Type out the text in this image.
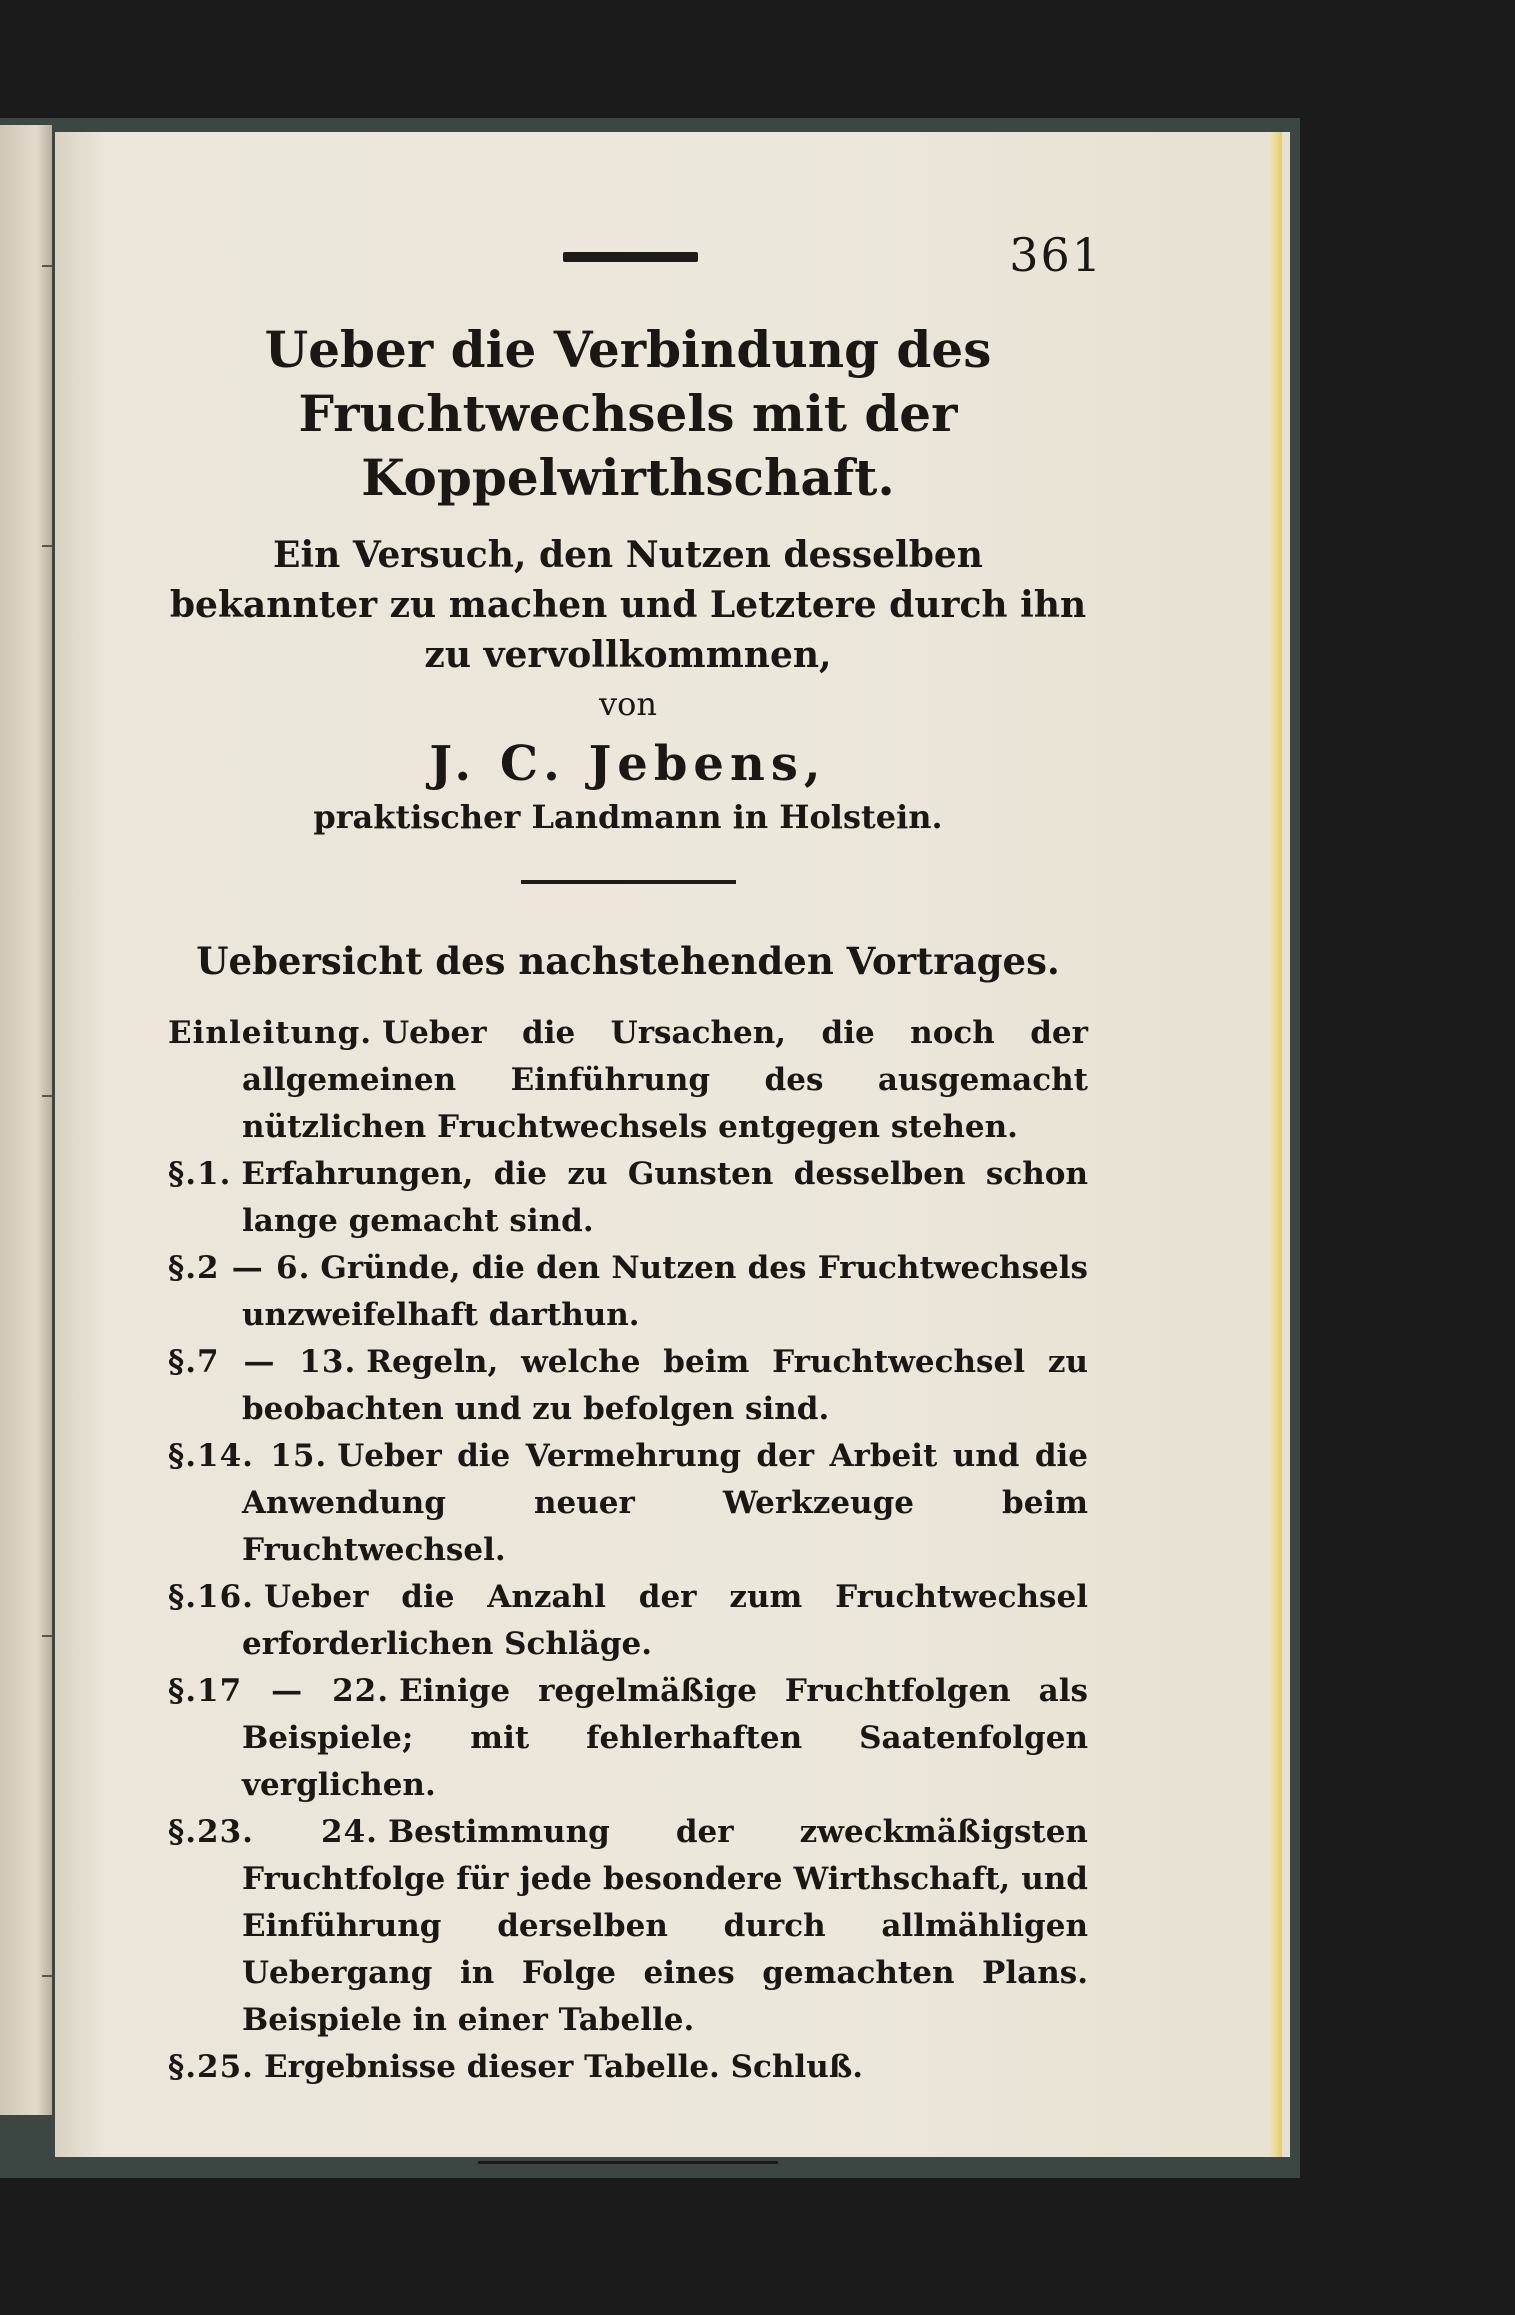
361
Ueber die Verbindung des Fruchtwechsels mit der Koppelwirthschaft.
Ein Versuch, den Nutzen desselben bekannter zu machen und Letztere durch ihn zu vervollkommnen,
von
J. C. Jebens,
praktischer Landmann in Holstein.
Uebersicht des nachstehenden Vortrages.
Einleitung. Ueber die Ursachen, die noch der allgemeinen Einführung des ausgemacht nützlichen Fruchtwechsels entgegen stehen.
§.1. Erfahrungen, die zu Gunsten desselben schon lange gemacht sind.
§.2 — 6. Gründe, die den Nutzen des Fruchtwechsels unzweifelhaft darthun.
§.7 — 13. Regeln, welche beim Fruchtwechsel zu beobachten und zu befolgen sind.
§.14. 15. Ueber die Vermehrung der Arbeit und die Anwendung neuer Werkzeuge beim Fruchtwechsel.
§.16. Ueber die Anzahl der zum Fruchtwechsel erforderlichen Schläge.
§.17 — 22. Einige regelmäßige Fruchtfolgen als Beispiele; mit fehlerhaften Saatenfolgen verglichen.
§.23. 24. Bestimmung der zweckmäßigsten Fruchtfolge für jede besondere Wirthschaft, und Einführung derselben durch allmähligen Uebergang in Folge eines gemachten Plans. Beispiele in einer Tabelle.
§.25. Ergebnisse dieser Tabelle. Schluß.
